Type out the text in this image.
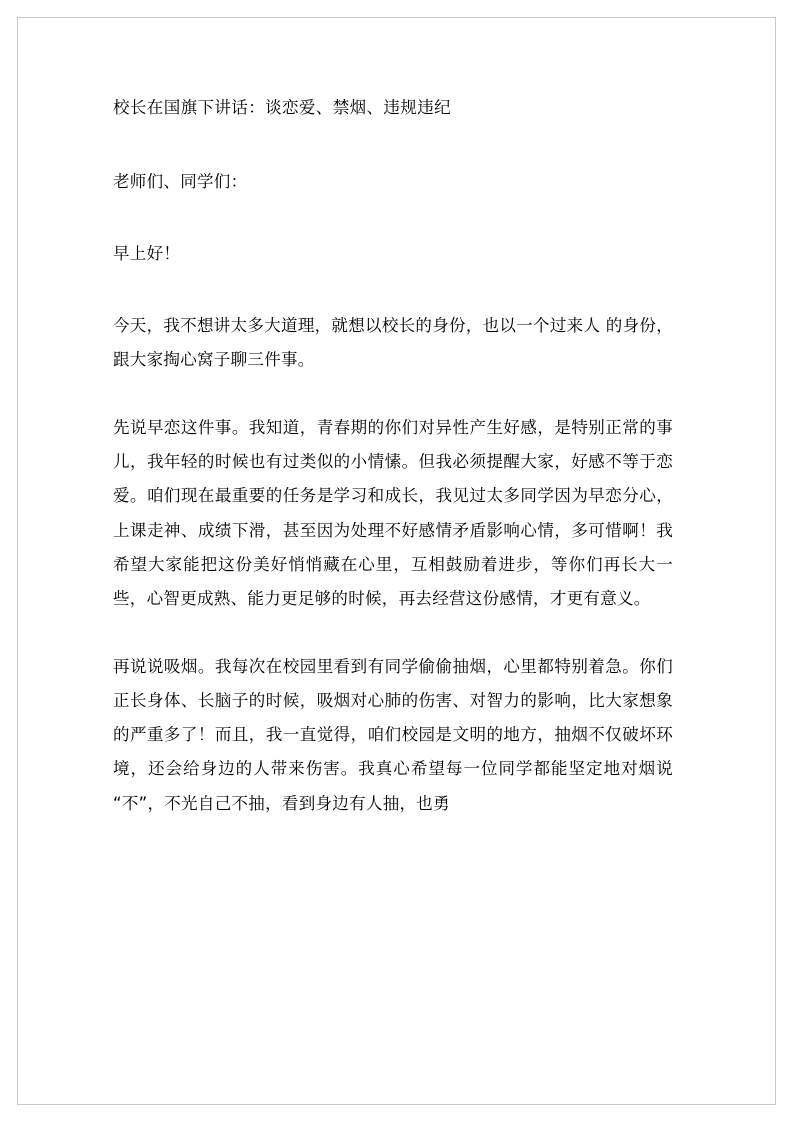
校长在国旗下讲话：谈恋爱、禁烟、违规违纪

老师们、同学们：

早上好！

今天，我不想讲太多大道理，就想以校长的身份，也以一个过来人 的身份，跟大家掏心窝子聊三件事。

先说早恋这件事。我知道，青春期的你们对异性产生好感，是特别正常的事儿，我年轻的时候也有过类似的小情愫。但我必须提醒大家，好感不等于恋爱。咱们现在最重要的任务是学习和成长，我见过太多同学因为早恋分心，上课走神、成绩下滑，甚至因为处理不好感情矛盾影响心情，多可惜啊！我希望大家能把这份美好悄悄藏在心里，互相鼓励着进步，等你们再长大一些，心智更成熟、能力更足够的时候，再去经营这份感情，才更有意义。

再说说吸烟。我每次在校园里看到有同学偷偷抽烟，心里都特别着急。你们正长身体、长脑子的时候，吸烟对心肺的伤害、对智力的影响，比大家想象的严重多了！而且，我一直觉得，咱们校园是文明的地方，抽烟不仅破坏环境，还会给身边的人带来伤害。我真心希望每一位同学都能坚定地对烟说 “不”，不光自己不抽，看到身边有人抽，也勇
